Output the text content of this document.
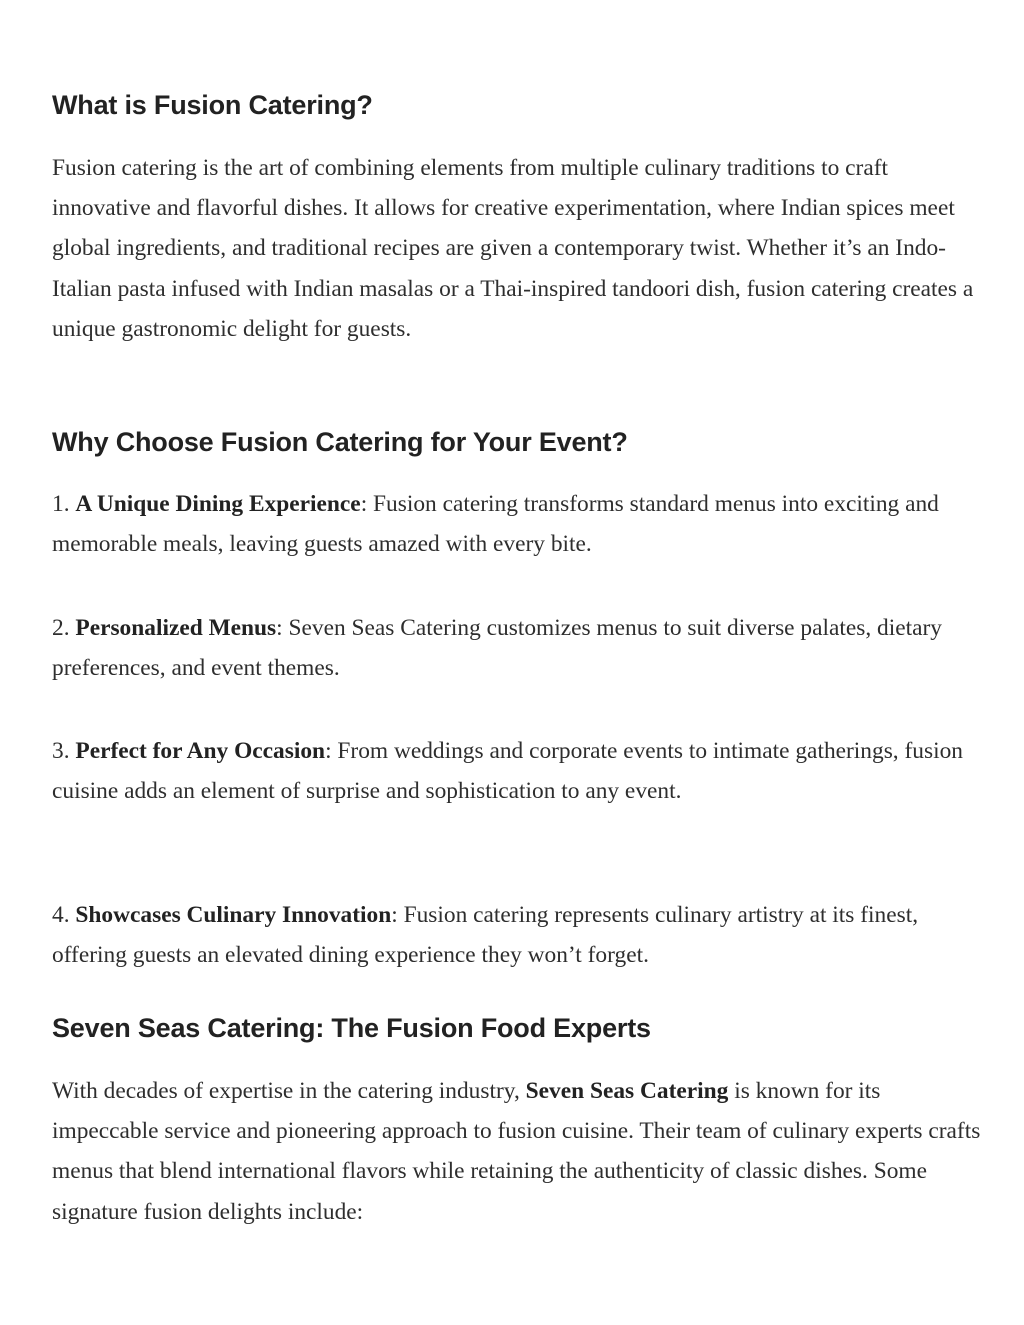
What is Fusion Catering?

Fusion catering is the art of combining elements from multiple culinary traditions to craft innovative and flavorful dishes. It allows for creative experimentation, where Indian spices meet global ingredients, and traditional recipes are given a contemporary twist. Whether it’s an Indo-Italian pasta infused with Indian masalas or a Thai-inspired tandoori dish, fusion catering creates a unique gastronomic delight for guests.

Why Choose Fusion Catering for Your Event?

1. A Unique Dining Experience: Fusion catering transforms standard menus into exciting and memorable meals, leaving guests amazed with every bite.

2. Personalized Menus: Seven Seas Catering customizes menus to suit diverse palates, dietary preferences, and event themes.

3. Perfect for Any Occasion: From weddings and corporate events to intimate gatherings, fusion cuisine adds an element of surprise and sophistication to any event.

4. Showcases Culinary Innovation: Fusion catering represents culinary artistry at its finest, offering guests an elevated dining experience they won’t forget.

Seven Seas Catering: The Fusion Food Experts

With decades of expertise in the catering industry, Seven Seas Catering is known for its impeccable service and pioneering approach to fusion cuisine. Their team of culinary experts crafts menus that blend international flavors while retaining the authenticity of classic dishes. Some signature fusion delights include:
